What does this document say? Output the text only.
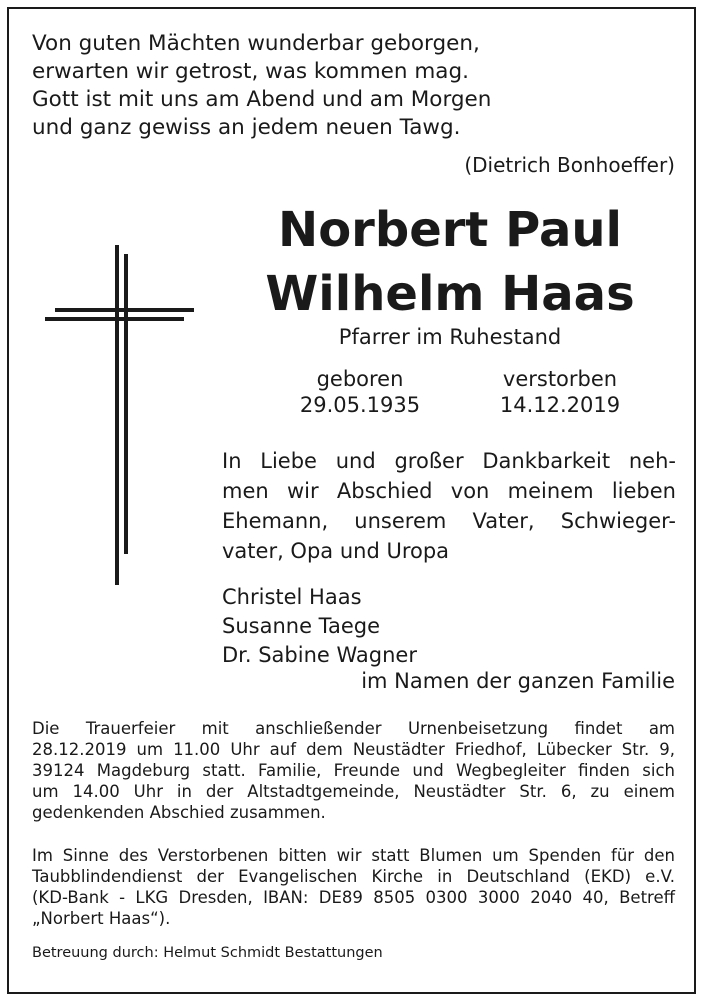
Von guten Mächten wunderbar geborgen,
erwarten wir getrost, was kommen mag.
Gott ist mit uns am Abend und am Morgen
und ganz gewiss an jedem neuen Tawg.
(Dietrich Bonhoeffer)
Norbert Paul
Wilhelm Haas
Pfarrer im Ruhestand
geboren
29.05.1935
verstorben
14.12.2019
In Liebe und großer Dankbarkeit neh-
men wir Abschied von meinem lieben
Ehemann, unserem Vater, Schwieger-
vater, Opa und Uropa
Christel Haas
Susanne Taege
Dr. Sabine Wagner
im Namen der ganzen Familie
Die Trauerfeier mit anschließender Urnenbeisetzung findet am
28.12.2019 um 11.00 Uhr auf dem Neustädter Friedhof, Lübecker Str. 9,
39124 Magdeburg statt. Familie, Freunde und Wegbegleiter finden sich
um 14.00 Uhr in der Altstadtgemeinde, Neustädter Str. 6, zu einem
gedenkenden Abschied zusammen.
Im Sinne des Verstorbenen bitten wir statt Blumen um Spenden für den
Taubblindendienst der Evangelischen Kirche in Deutschland (EKD) e.V.
(KD-Bank - LKG Dresden, IBAN: DE89 8505 0300 3000 2040 40, Betreff
„Norbert Haas“).
Betreuung durch: Helmut Schmidt Bestattungen
